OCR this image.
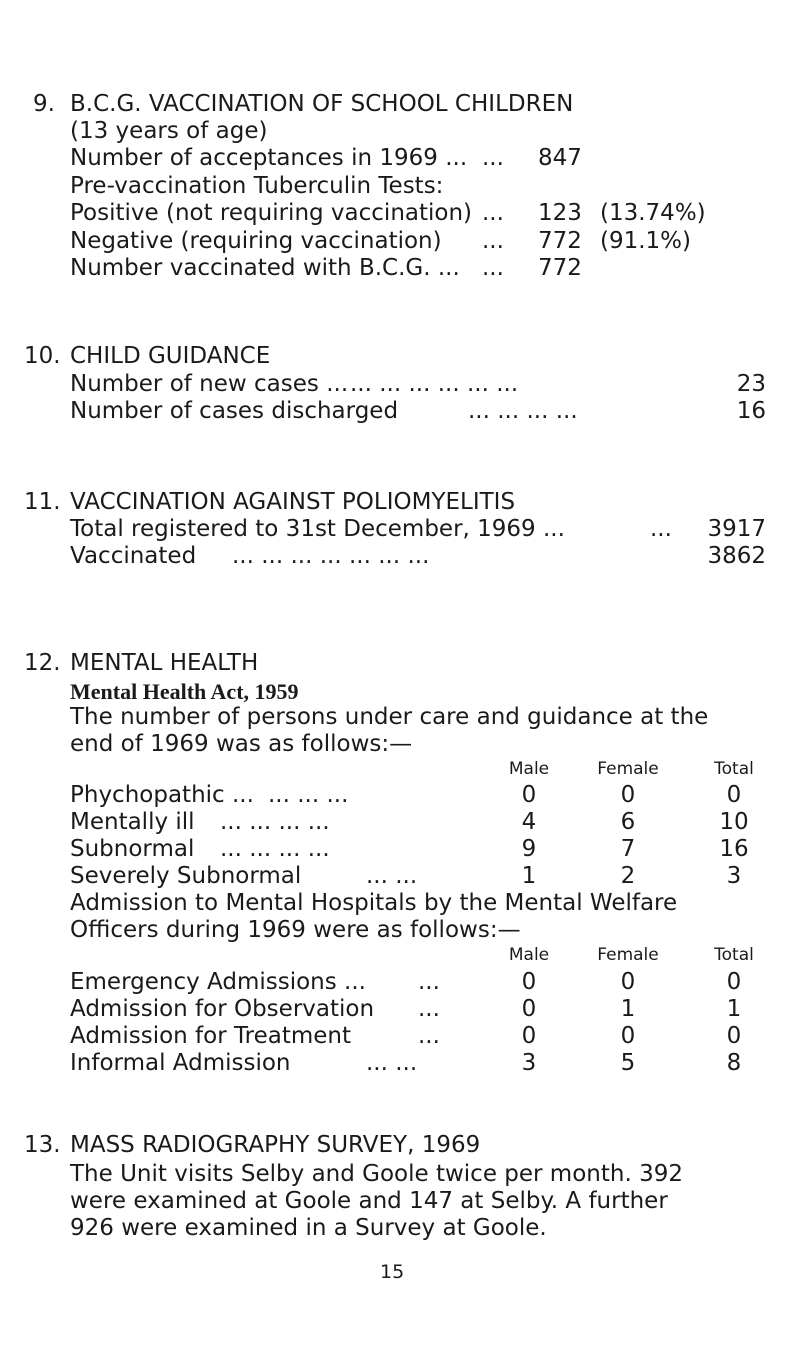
9. B.C.G. VACCINATION OF SCHOOL CHILDREN
(13 years of age)
Number of acceptances in 1969 ... ... 847
Pre-vaccination Tuberculin Tests:
Positive (not requiring vaccination) ... 123 (13.74%)
Negative (requiring vaccination) ... 772 (91.1%)
Number vaccinated with B.C.G. ... ... 772
10. CHILD GUIDANCE
Number of new cases ... ... ... ... ... ... ...	23
Number of cases discharged	... ... ... ...	16
11. VACCINATION AGAINST POLIOMYELITIS
Total registered to 31st December, 1969 ...	...	3917
Vaccinated ... ... ... ... ... ... ...	3862
12. MENTAL HEALTH
Mental Health Act, 1959
The number of persons under care and guidance at the
end of 1969 was as follows:—
Male	Female	Total
Phychopathic ... ... ... ...	0	0	0
Mentally ill ... ... ... ...	4	6	10
Subnormal ... ... ... ...	9	7	16
Severely Subnormal	... ...	1	2	3
Admission to Mental Hospitals by the Mental Welfare
Officers during 1969 were as follows:—
Male	Female	Total
Emergency Admissions ... ...	0	0	0
Admission for Observation ...	0	1	1
Admission for Treatment	...	0	0	0
Informal Admission	... ...	3	5	8
13. MASS RADIOGRAPHY SURVEY, 1969
The Unit visits Selby and Goole twice per month. 392
were examined at Goole and 147 at Selby. A further
926 were examined in a Survey at Goole.
15
